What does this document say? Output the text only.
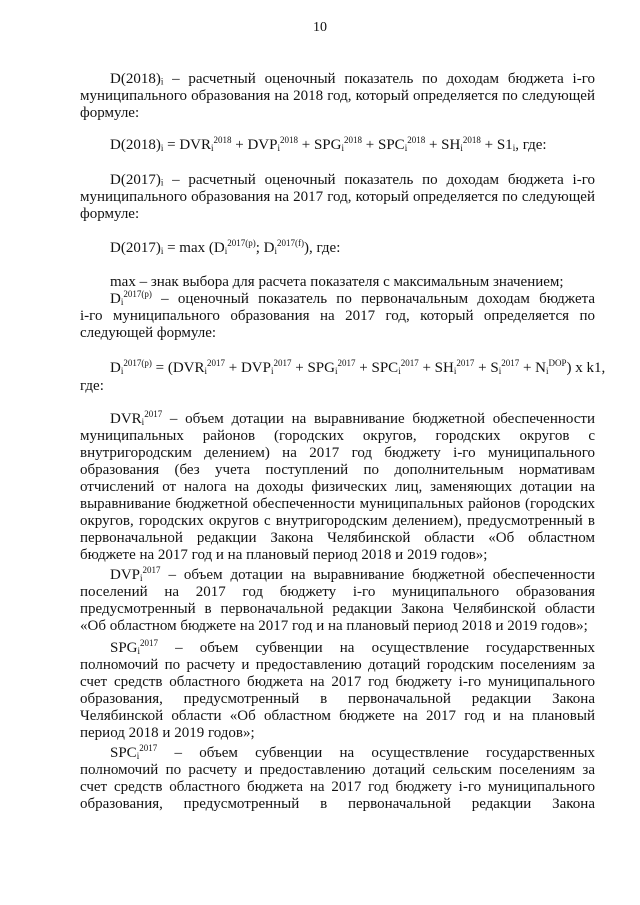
10
D(2018)ᵢ – расчетный оценочный показатель по доходам бюджета i-го
муниципального образования на 2018 год, который определяется по следующей
формуле:
$D(2018)_i = DVR_i^{2018} + DVP_i^{2018} + SPG_i^{2018} + SPC_i^{2018} + SH_i^{2018} + S1_i$, где:
D(2017)ᵢ – расчетный оценочный показатель по доходам бюджета i-го
муниципального образования на 2017 год, который определяется по следующей
формуле:
$D(2017)_i = \max (D_i^{2017(p)}$; $D_i^{2017(f)}$), где:
max – знак выбора для расчета показателя с максимальным значением;
$D_i^{2017(p)}$ – оценочный показатель по первоначальным доходам бюджета
i-го муниципального образования на 2017 год, который определяется по
следующей формуле:
$D_i^{2017(p)} = (DVR_i^{2017} + DVP_i^{2017} + SPG_i^{2017} + SPC_i^{2017} + SH_i^{2017} + S_i^{2017} + N_i^{DOP})$ x k1,
где:
$DVR_i^{2017}$ – объем дотации на выравнивание бюджетной обеспеченности
муниципальных районов (городских округов, городских округов с
внутригородским делением) на 2017 год бюджету i-го муниципального
образования (без учета поступлений по дополнительным нормативам
отчислений от налога на доходы физических лиц, заменяющих дотации на
выравнивание бюджетной обеспеченности муниципальных районов (городских
округов, городских округов с внутригородским делением), предусмотренный в
первоначальной редакции Закона Челябинской области «Об областном
бюджете на 2017 год и на плановый период 2018 и 2019 годов»;
$DVP_i^{2017}$ – объем дотации на выравнивание бюджетной обеспеченности
поселений на 2017 год бюджету i-го муниципального образования
предусмотренный в первоначальной редакции Закона Челябинской области
«Об областном бюджете на 2017 год и на плановый период 2018 и 2019 годов»;
$SPG_i^{2017}$ – объем субвенции на осуществление государственных
полномочий по расчету и предоставлению дотаций городским поселениям за
счет средств областного бюджета на 2017 год бюджету i-го муниципального
образования, предусмотренный в первоначальной редакции Закона
Челябинской области «Об областном бюджете на 2017 год и на плановый
период 2018 и 2019 годов»;
$SPC_i^{2017}$ – объем субвенции на осуществление государственных
полномочий по расчету и предоставлению дотаций сельским поселениям за
счет средств областного бюджета на 2017 год бюджету i-го муниципального
образования, предусмотренный в первоначальной редакции Закона
